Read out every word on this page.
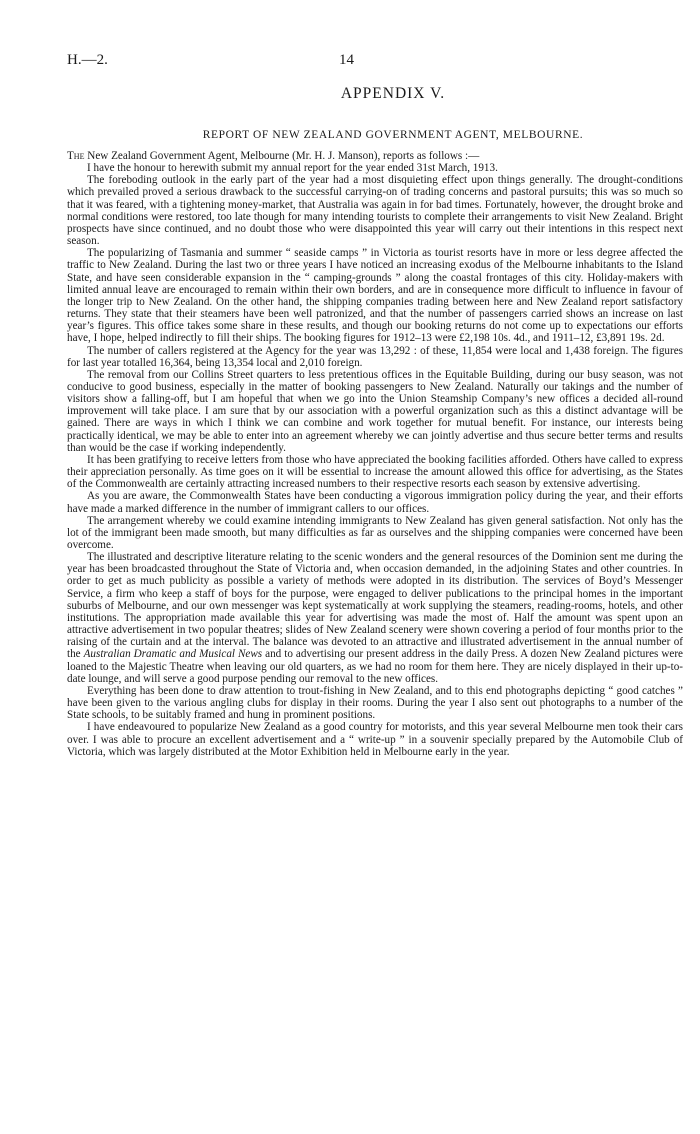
H.—2.	14
APPENDIX V.
REPORT OF NEW ZEALAND GOVERNMENT AGENT, MELBOURNE.

The New Zealand Government Agent, Melbourne (Mr. H. J. Manson), reports as follows :—

I have the honour to herewith submit my annual report for the year ended 31st March, 1913.

The foreboding outlook in the early part of the year had a most disquieting effect upon things generally. The drought-conditions which prevailed proved a serious drawback to the successful carrying-on of trading concerns and pastoral pursuits; this was so much so that it was feared, with a tightening money-market, that Australia was again in for bad times. Fortunately, however, the drought broke and normal conditions were restored, too late though for many intending tourists to complete their arrangements to visit New Zealand. Bright prospects have since continued, and no doubt those who were disappointed this year will carry out their intentions in this respect next season.

The popularizing of Tasmania and summer “ seaside camps ” in Victoria as tourist resorts have in more or less degree affected the traffic to New Zealand. During the last two or three years I have noticed an increasing exodus of the Melbourne inhabitants to the Island State, and have seen considerable expansion in the “ camping-grounds ” along the coastal frontages of this city. Holiday-makers with limited annual leave are encouraged to remain within their own borders, and are in consequence more difficult to influence in favour of the longer trip to New Zealand. On the other hand, the shipping companies trading between here and New Zealand report satisfactory returns. They state that their steamers have been well patronized, and that the number of passengers carried shows an increase on last year’s figures. This office takes some share in these results, and though our booking returns do not come up to expectations our efforts have, I hope, helped indirectly to fill their ships. The booking figures for 1912–13 were £2,198 10s. 4d., and 1911–12, £3,891 19s. 2d.

The number of callers registered at the Agency for the year was 13,292 : of these, 11,854 were local and 1,438 foreign. The figures for last year totalled 16,364, being 13,354 local and 2,010 foreign.

The removal from our Collins Street quarters to less pretentious offices in the Equitable Building, during our busy season, was not conducive to good business, especially in the matter of booking passengers to New Zealand. Naturally our takings and the number of visitors show a falling-off, but I am hopeful that when we go into the Union Steamship Company’s new offices a decided all-round improvement will take place. I am sure that by our association with a powerful organization such as this a distinct advantage will be gained. There are ways in which I think we can combine and work together for mutual benefit. For instance, our interests being practically identical, we may be able to enter into an agreement whereby we can jointly advertise and thus secure better terms and results than would be the case if working independently.

It has been gratifying to receive letters from those who have appreciated the booking facilities afforded. Others have called to express their appreciation personally. As time goes on it will be essential to increase the amount allowed this office for advertising, as the States of the Commonwealth are certainly attracting increased numbers to their respective resorts each season by extensive advertising.

As you are aware, the Commonwealth States have been conducting a vigorous immigration policy during the year, and their efforts have made a marked difference in the number of immigrant callers to our offices.

The arrangement whereby we could examine intending immigrants to New Zealand has given general satisfaction. Not only has the lot of the immigrant been made smooth, but many difficulties as far as ourselves and the shipping companies were concerned have been overcome.

The illustrated and descriptive literature relating to the scenic wonders and the general resources of the Dominion sent me during the year has been broadcasted throughout the State of Victoria and, when occasion demanded, in the adjoining States and other countries. In order to get as much publicity as possible a variety of methods were adopted in its distribution. The services of Boyd’s Messenger Service, a firm who keep a staff of boys for the purpose, were engaged to deliver publications to the principal homes in the important suburbs of Melbourne, and our own messenger was kept systematically at work supplying the steamers, reading-rooms, hotels, and other institutions. The appropriation made available this year for advertising was made the most of. Half the amount was spent upon an attractive advertisement in two popular theatres; slides of New Zealand scenery were shown covering a period of four months prior to the raising of the curtain and at the interval. The balance was devoted to an attractive and illustrated advertisement in the annual number of the Australian Dramatic and Musical News and to advertising our present address in the daily Press. A dozen New Zealand pictures were loaned to the Majestic Theatre when leaving our old quarters, as we had no room for them here. They are nicely displayed in their up-to-date lounge, and will serve a good purpose pending our removal to the new offices.

Everything has been done to draw attention to trout-fishing in New Zealand, and to this end photographs depicting “ good catches ” have been given to the various angling clubs for display in their rooms. During the year I also sent out photographs to a number of the State schools, to be suitably framed and hung in prominent positions.

I have endeavoured to popularize New Zealand as a good country for motorists, and this year several Melbourne men took their cars over. I was able to procure an excellent advertisement and a “ write-up ” in a souvenir specially prepared by the Automobile Club of Victoria, which was largely distributed at the Motor Exhibition held in Melbourne early in the year.
